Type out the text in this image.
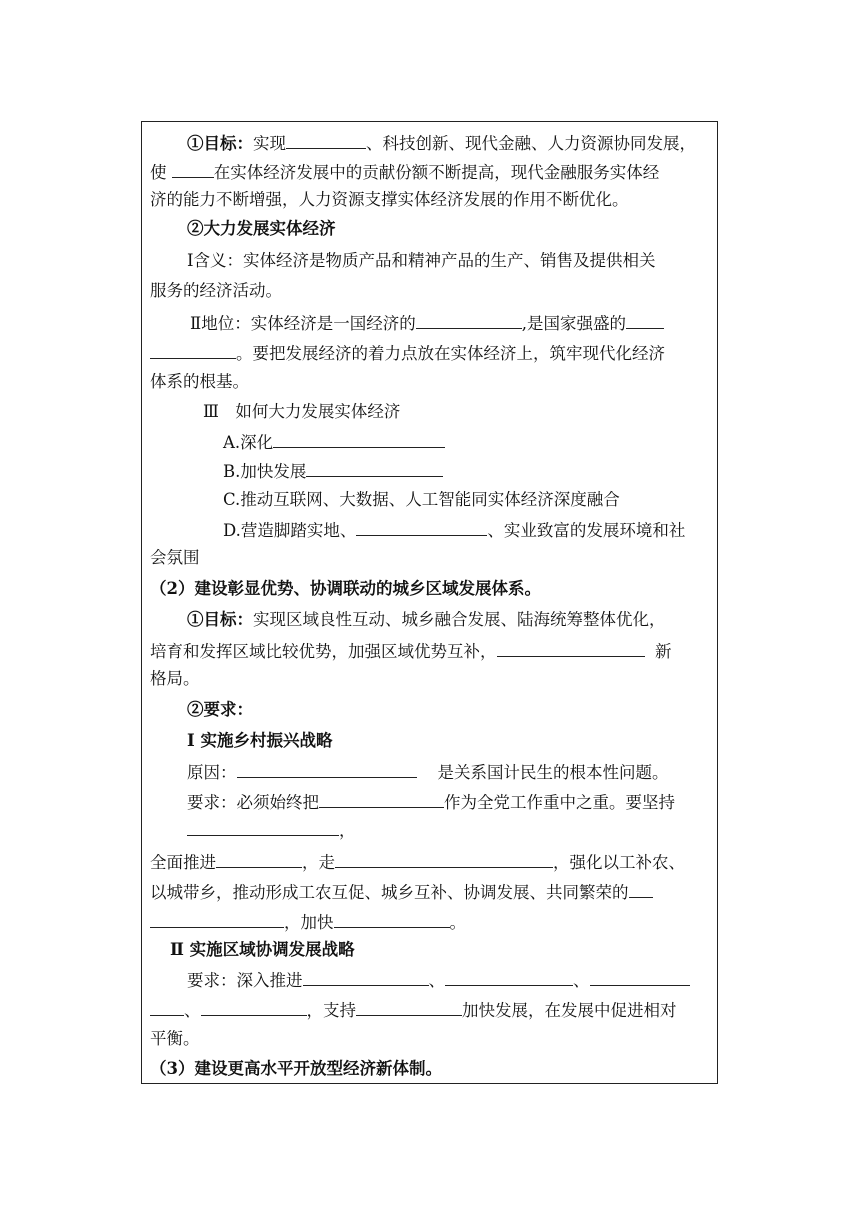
①目标：实现	、科技创新、现代金融、人力资源协同发展，
使	在实体经济发展中的贡献份额不断提高，现代金融服务实体经
济的能力不断增强，人力资源支撑实体经济发展的作用不断优化。
②大力发展实体经济
Ⅰ含义：实体经济是物质产品和精神产品的生产、销售及提供相关
服务的经济活动。
Ⅱ地位：实体经济是一国经济的	,是国家强盛的
。要把发展经济的着力点放在实体经济上，筑牢现代化经济
体系的根基。
Ⅲ　如何大力发展实体经济
A.深化
B.加快发展
C.推动互联网、大数据、人工智能同实体经济深度融合
D.营造脚踏实地、	、实业致富的发展环境和社
会氛围
（2）建设彰显优势、协调联动的城乡区域发展体系。
①目标：实现区域良性互动、城乡融合发展、陆海统筹整体优化，
培育和发挥区域比较优势，加强区域优势互补，	新
格局。
②要求：
Ⅰ 实施乡村振兴战略
原因：	是关系国计民生的根本性问题。
要求：必须始终把	作为全党工作重中之重。要坚持
，
全面推进	，走	，强化以工补农、
以城带乡，推动形成工农互促、城乡互补、协调发展、共同繁荣的
，加快	。
Ⅱ 实施区域协调发展战略
要求：深入推进	、	、
、	，支持	加快发展，在发展中促进相对
平衡。
（3）建设更高水平开放型经济新体制。
